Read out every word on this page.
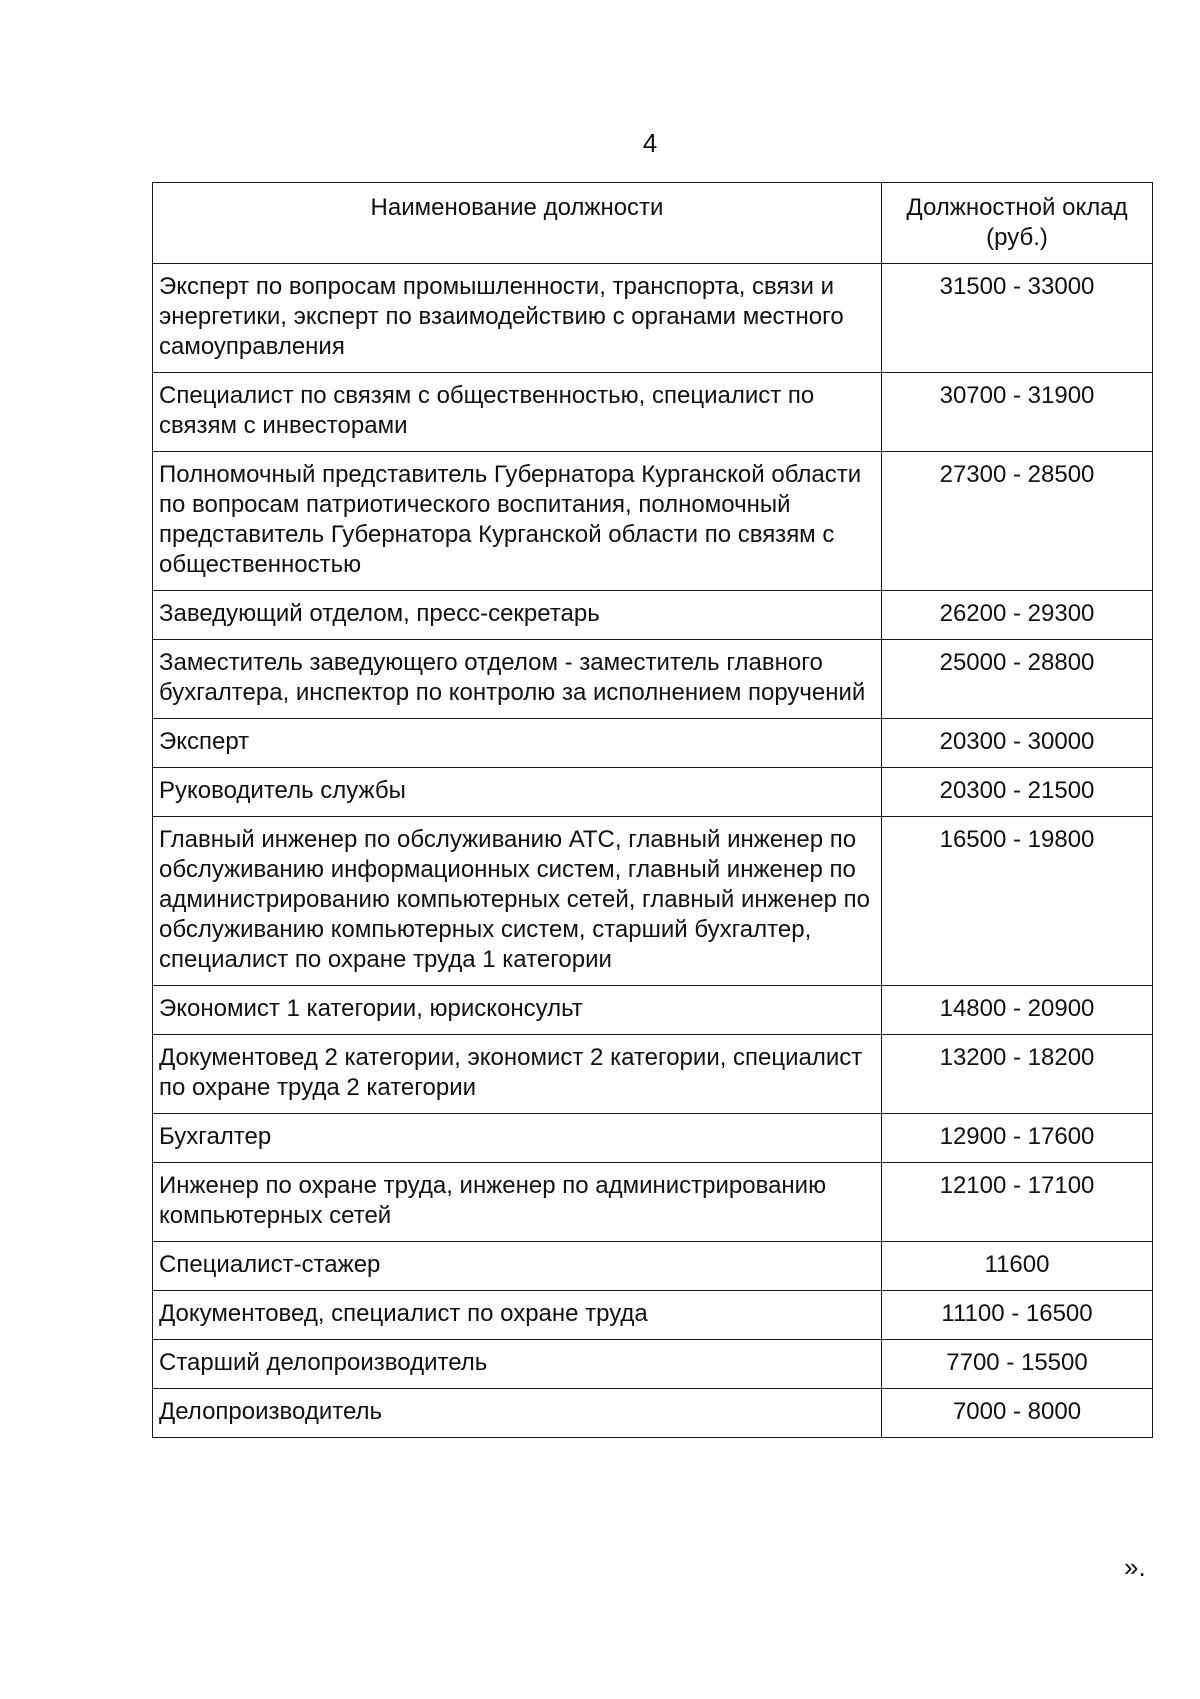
4
Наименование должности	Должностной оклад (руб.)
Эксперт по вопросам промышленности, транспорта, связи и энергетики, эксперт по взаимодействию с органами местного самоуправления	31500 - 33000
Специалист по связям с общественностью, специалист по связям с инвесторами	30700 - 31900
Полномочный представитель Губернатора Курганской области по вопросам патриотического воспитания, полномочный представитель Губернатора Курганской области по связям с общественностью	27300 - 28500
Заведующий отделом, пресс-секретарь	26200 - 29300
Заместитель заведующего отделом - заместитель главного бухгалтера, инспектор по контролю за исполнением поручений	25000 - 28800
Эксперт	20300 - 30000
Руководитель службы	20300 - 21500
Главный инженер по обслуживанию АТС, главный инженер по обслуживанию информационных систем, главный инженер по администрированию компьютерных сетей, главный инженер по обслуживанию компьютерных систем, старший бухгалтер, специалист по охране труда 1 категории	16500 - 19800
Экономист 1 категории, юрисконсульт	14800 - 20900
Документовед 2 категории, экономист 2 категории, специалист по охране труда 2 категории	13200 - 18200
Бухгалтер	12900 - 17600
Инженер по охране труда, инженер по администрированию компьютерных сетей	12100 - 17100
Специалист-стажер	11600
Документовед, специалист по охране труда	11100 - 16500
Старший делопроизводитель	7700 - 15500
Делопроизводитель	7000 - 8000
».
